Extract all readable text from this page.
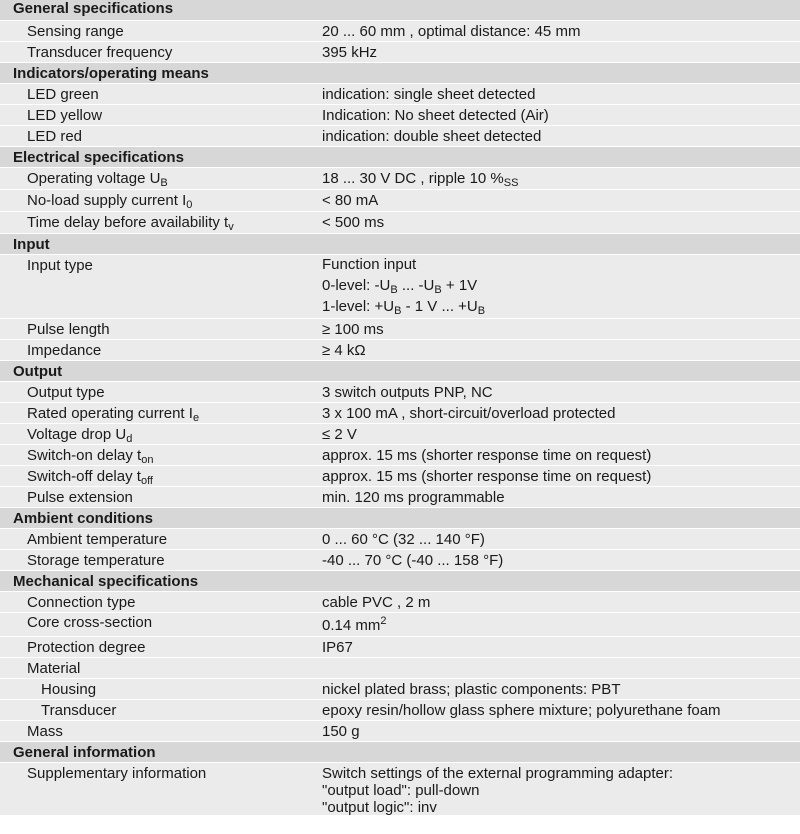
General specifications
Sensing range	20 ... 60 mm , optimal distance: 45 mm
Transducer frequency	395 kHz
Indicators/operating means
LED green	indication: single sheet detected
LED yellow	Indication: No sheet detected (Air)
LED red	indication: double sheet detected
Electrical specifications
Operating voltage $U_B$	18 ... 30 V DC , ripple 10 $\%_{SS}$
No-load supply current $I_0$	< 80 mA
Time delay before availability $t_v$	< 500 ms
Input
Input type	Function input
0-level: $-U_B$ ... $-U_B + 1V$
1-level: $+U_B - 1$ V ... $+U_B$
Pulse length	≥ 100 ms
Impedance	≥ 4 kΩ
Output
Output type	3 switch outputs PNP, NC
Rated operating current $I_e$	3 x 100 mA , short-circuit/overload protected
Voltage drop $U_d$	≤ 2 V
Switch-on delay $t_{on}$	approx. 15 ms (shorter response time on request)
Switch-off delay $t_{off}$	approx. 15 ms (shorter response time on request)
Pulse extension	min. 120 ms programmable
Ambient conditions
Ambient temperature	0 ... 60 °C (32 ... 140 °F)
Storage temperature	-40 ... 70 °C (-40 ... 158 °F)
Mechanical specifications
Connection type	cable PVC , 2 m
Core cross-section	0.14 $mm^2$
Protection degree	IP67
Material
Housing	nickel plated brass; plastic components: PBT
Transducer	epoxy resin/hollow glass sphere mixture; polyurethane foam
Mass	150 g
General information
Supplementary information	Switch settings of the external programming adapter:
"output load": pull-down
"output logic": inv
